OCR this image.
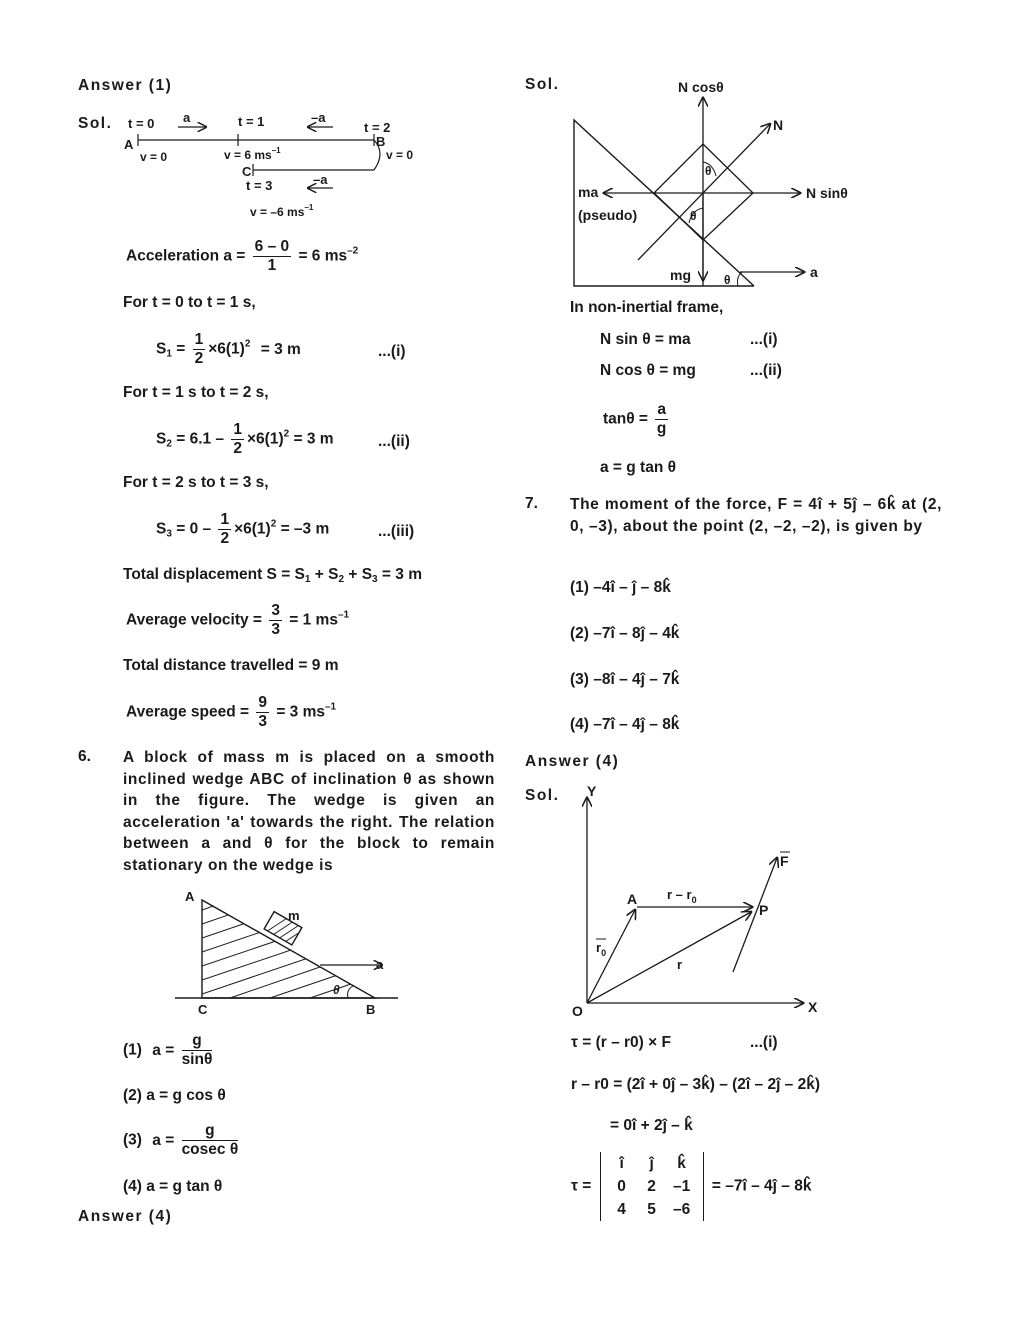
Answer (1)
Sol. t = 0 a	t = 1	–a
t = 2
A	B
C
v = 0	v = 6 $ms^{-1}$	v = 0
t = 3	–a
v = –6 $ms^{-1}$
Acceleration $a = \frac{6 - 0}{1} = 6$ $ms^{-2}$
For t = 0 to t = 1 s,
$S_1 = \frac{1}{2} \times 6(1)^2 = 3$ m	...(i)
For t = 1 s to t = 2 s,
$S_2 = 6.1 - \frac{1}{2} \times 6(1)^2 = 3$ m	...(ii)
For t = 2 s to t = 3 s,
$S_3 = 0 - \frac{1}{2} \times 6(1)^2 = -3$ m	...(iii)
Total displacement $S = S_1 + S_2 + S_3 = 3$ m
Average velocity = $\frac{3}{3} = 1$ $ms^{-1}$
Total distance travelled = 9 m
Average speed = $\frac{9}{3} = 3$ $ms^{-1}$
6. A block of mass m is placed on a smooth inclined wedge ABC of inclination θ as shown in the figure. The wedge is given an acceleration 'a' towards the right. The relation between a and θ for the block to remain stationary on the wedge is
A
m
a
θ
C	B
(1) $a = \frac{g}{\sin\theta}$
(2) a = g cos θ
(3) $a = \frac{g}{\text{cosec θ}}$
(4) a = g tan θ
Answer (4)
Sol.	N cosθ
N
N sinθ
ma
(pseudo)
mg
θ
θ
a
θ
In non-inertial frame,
N sin θ = ma	...(i)
N cos θ = mg	...(ii)
$\tan\theta = \frac{a}{g}$
a = g tan θ
7. The moment of the force, F = 4î + 5ĵ – 6k̂ at (2, 0, –3), about the point (2, –2, –2), is given by
(1) –4î – ĵ – 8k̂
(2) –7î – 8ĵ – 4k̂
(3) –8î – 4ĵ – 7k̂
(4) –7î – 4ĵ – 8k̂
Answer (4)
Sol. Y
X
O
A
$r_0$
r – $r_0$
r
P
F
τ = (r – r0) × F	...(i)
r – r0 = (2î + 0ĵ – 3k̂) – (2î – 2ĵ – 2k̂)
= 0î + 2ĵ – k̂
τ =
î	ĵ	k̂
0	2	–1
4	5	–6
= –7î – 4ĵ – 8k̂
